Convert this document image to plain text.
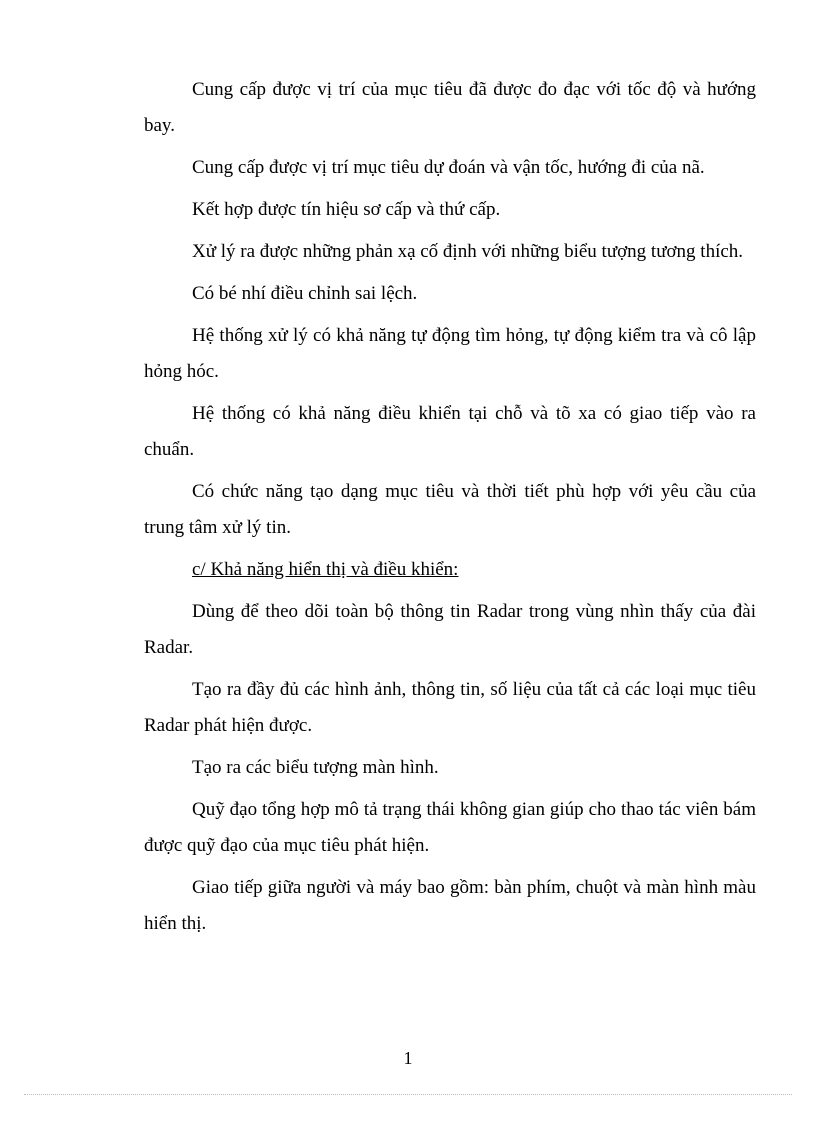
Cung cấp được vị trí của mục tiêu đã được đo đạc với tốc độ và hướng bay.

Cung cấp được vị trí mục tiêu dự đoán và vận tốc, hướng đi của nã.

Kết hợp được tín hiệu sơ cấp và thứ cấp.

Xử lý ra được những phản xạ cố định với những biểu tượng tương thích.

Có bé nhí điều chỉnh sai lệch.

Hệ thống xử lý có khả năng tự động tìm hỏng, tự động kiểm tra và cô lập hỏng hóc.

Hệ thống có khả năng điều khiển tại chỗ và tõ xa có giao tiếp vào ra chuẩn.

Có chức năng tạo dạng mục tiêu và thời tiết phù hợp với yêu cầu của trung tâm xử lý tin.

c/ Khả năng hiển thị và điều khiển:

Dùng để theo dõi toàn bộ thông tin Radar trong vùng nhìn thấy của đài Radar.

Tạo ra đầy đủ các hình ảnh, thông tin, số liệu của tất cả các loại mục tiêu Radar phát hiện được.

Tạo ra các biểu tượng màn hình.

Quỹ đạo tổng hợp mô tả trạng thái không gian giúp cho thao tác viên bám được quỹ đạo của mục tiêu phát hiện.

Giao tiếp giữa người và máy bao gồm: bàn phím, chuột và màn hình màu hiển thị.

1
